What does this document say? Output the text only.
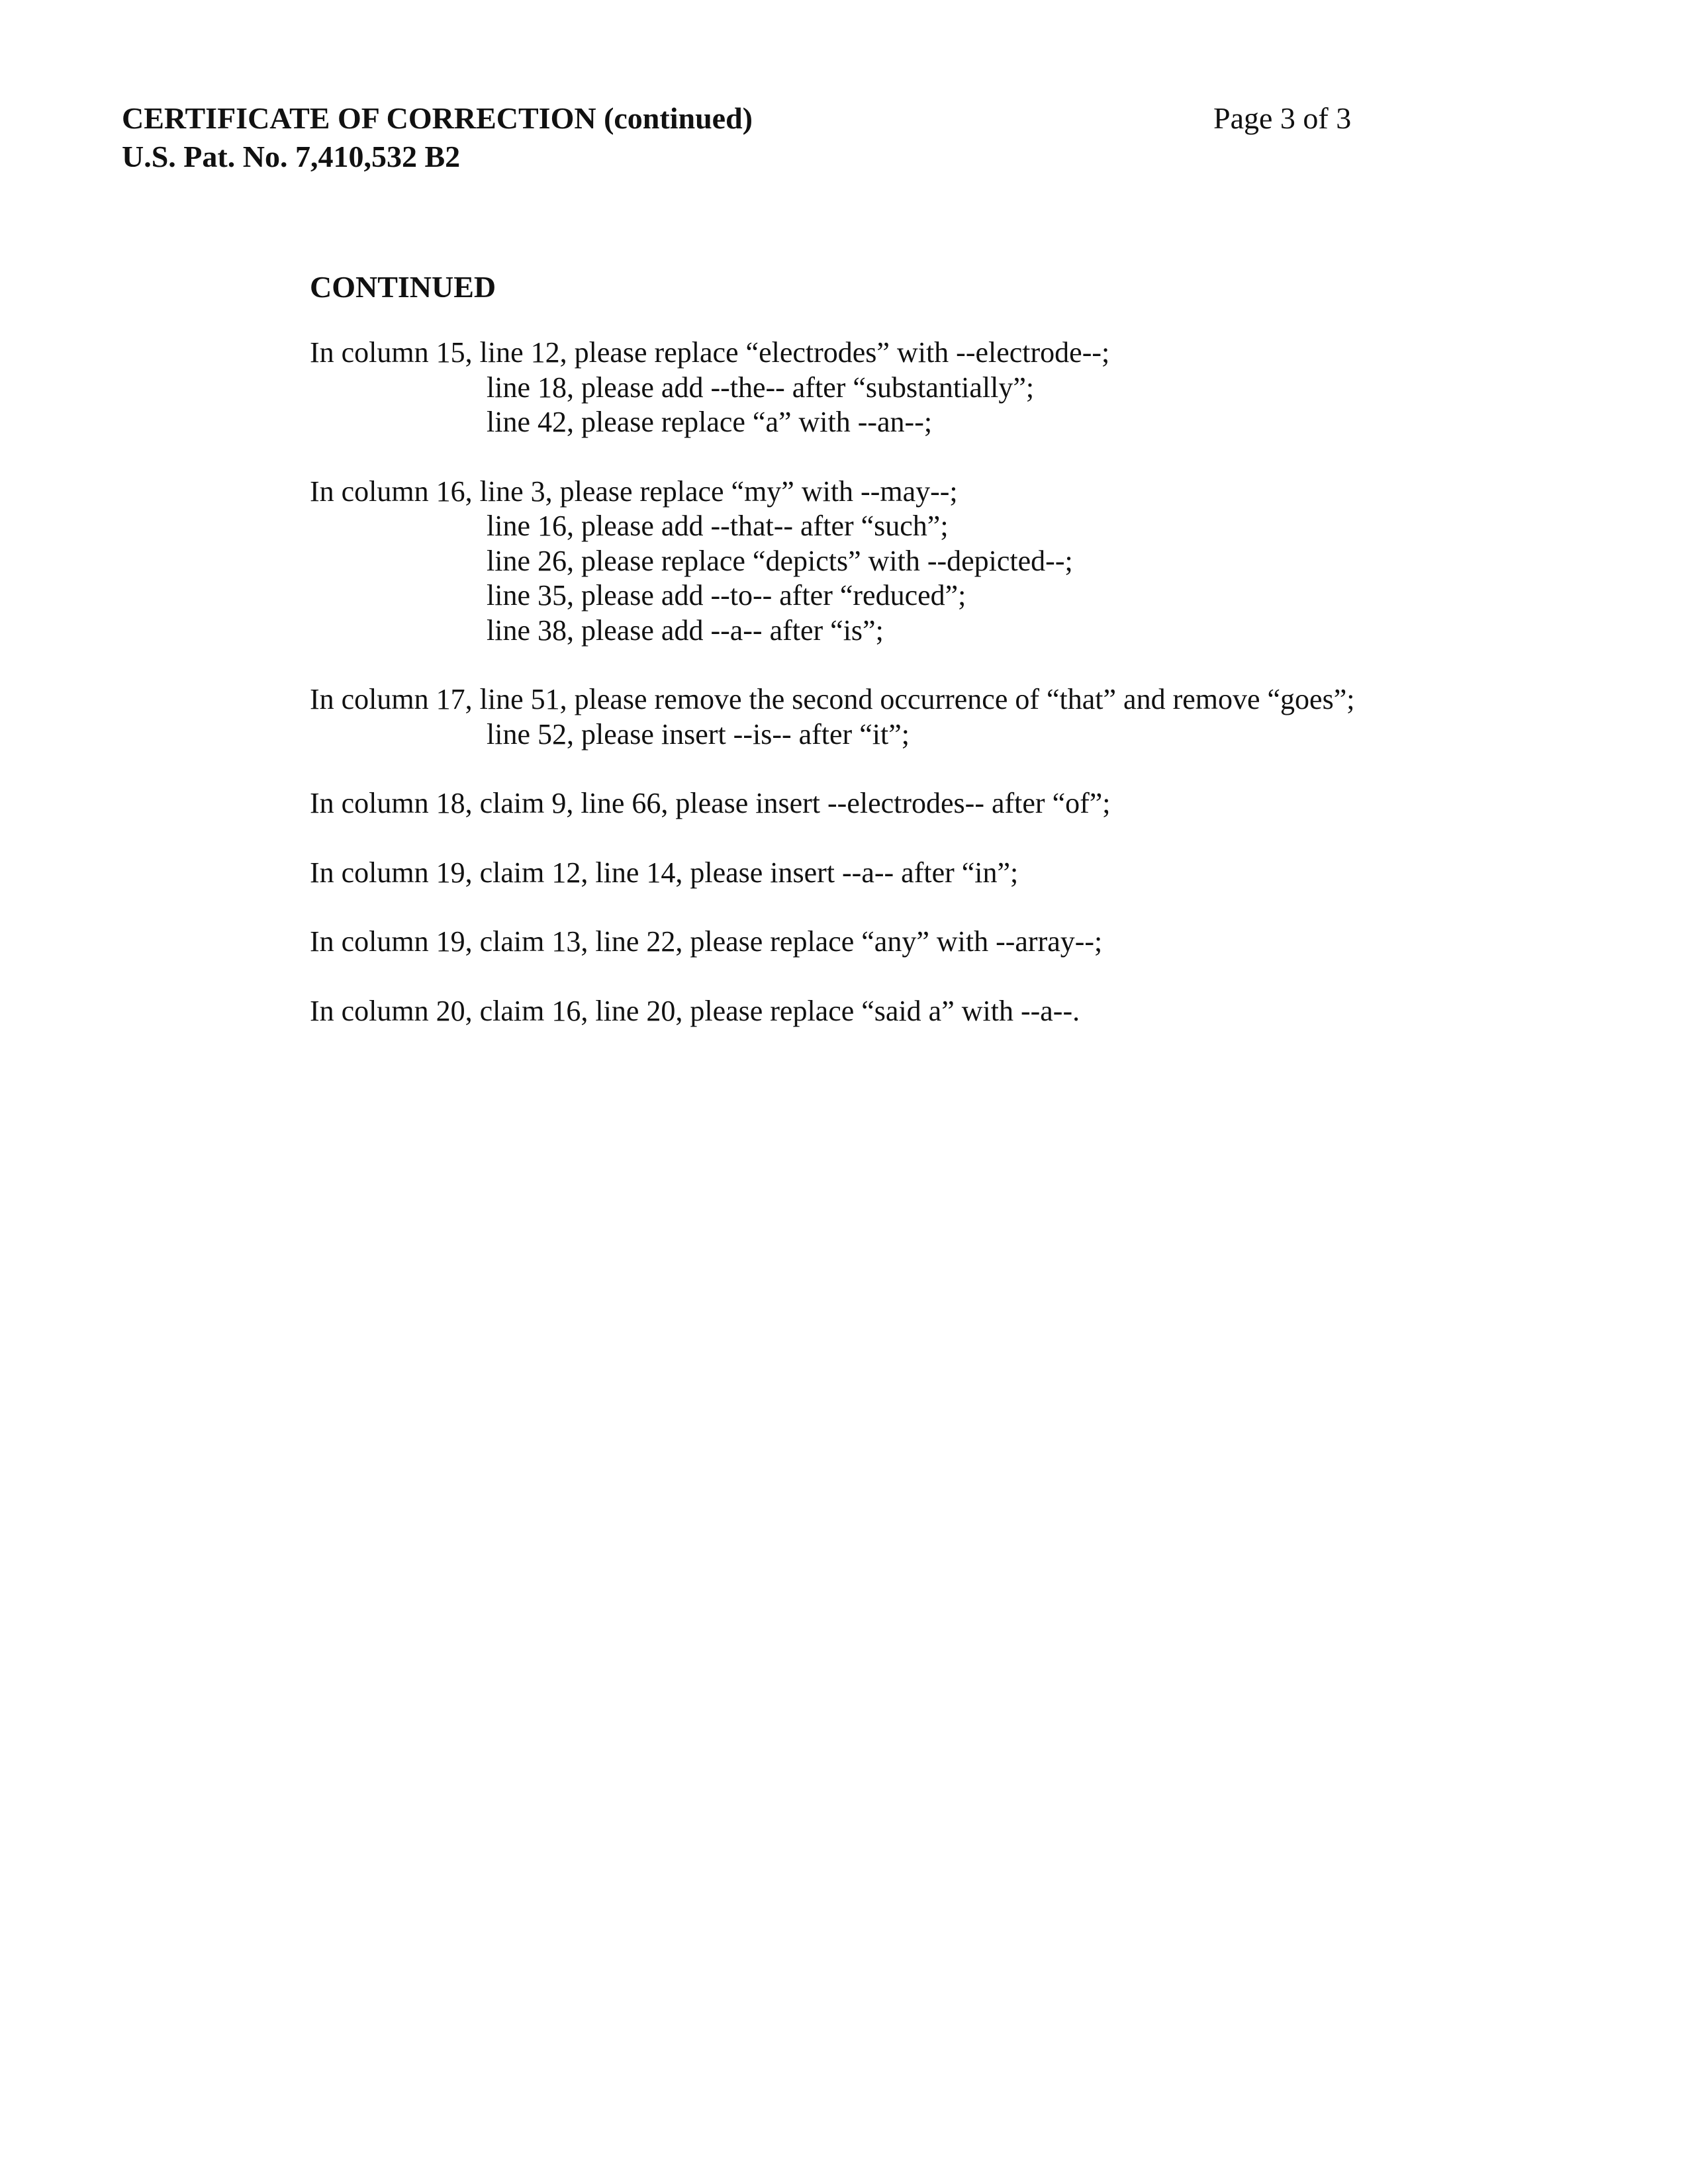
CERTIFICATE OF CORRECTION (continued)
U.S. Pat. No. 7,410,532 B2
Page 3 of 3
CONTINUED
In column 15, line 12, please replace “electrodes” with --electrode--;
line 18, please add --the-- after “substantially”;
line 42, please replace “a” with --an--;
In column 16, line 3, please replace “my” with --may--;
line 16, please add --that-- after “such”;
line 26, please replace “depicts” with --depicted--;
line 35, please add --to-- after “reduced”;
line 38, please add --a-- after “is”;
In column 17, line 51, please remove the second occurrence of “that” and remove “goes”;
line 52, please insert --is-- after “it”;
In column 18, claim 9, line 66, please insert --electrodes-- after “of”;
In column 19, claim 12, line 14, please insert --a-- after “in”;
In column 19, claim 13, line 22, please replace “any” with --array--;
In column 20, claim 16, line 20, please replace “said a” with --a--.
